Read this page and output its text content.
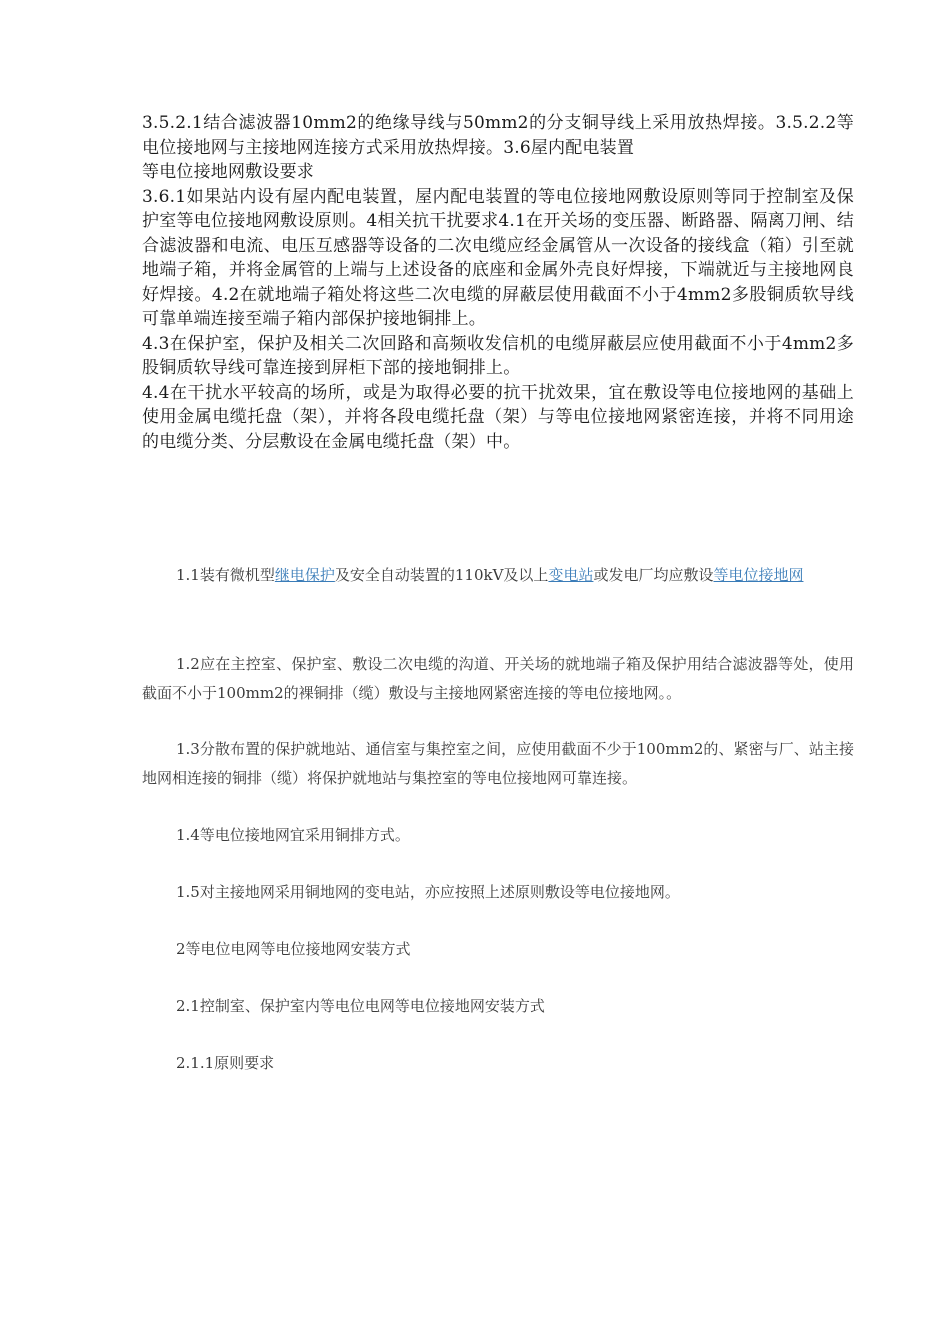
3.5.2.1结合滤波器10mm2的绝缘导线与50mm2的分支铜导线上采用放热焊接。3.5.2.2等电位接地网与主接地网连接方式采用放热焊接。3.6屋内配电装置

等电位接地网敷设要求

3.6.1如果站内设有屋内配电装置，屋内配电装置的等电位接地网敷设原则等同于控制室及保护室等电位接地网敷设原则。4相关抗干扰要求4.1在开关场的变压器、断路器、隔离刀闸、结合滤波器和电流、电压互感器等设备的二次电缆应经金属管从一次设备的接线盒（箱）引至就地端子箱，并将金属管的上端与上述设备的底座和金属外壳良好焊接，下端就近与主接地网良好焊接。4.2在就地端子箱处将这些二次电缆的屏蔽层使用截面不小于4mm2多股铜质软导线可靠单端连接至端子箱内部保护接地铜排上。

4.3在保护室，保护及相关二次回路和高频收发信机的电缆屏蔽层应使用截面不小于4mm2多股铜质软导线可靠连接到屏柜下部的接地铜排上。

4.4在干扰水平较高的场所，或是为取得必要的抗干扰效果，宜在敷设等电位接地网的基础上使用金属电缆托盘（架），并将各段电缆托盘（架）与等电位接地网紧密连接，并将不同用途的电缆分类、分层敷设在金属电缆托盘（架）中。

1.1装有微机型继电保护及安全自动装置的110kV及以上变电站或发电厂均应敷设等电位接地网

1.2应在主控室、保护室、敷设二次电缆的沟道、开关场的就地端子箱及保护用结合滤波器等处，使用截面不小于100mm2的裸铜排（缆）敷设与主接地网紧密连接的等电位接地网。。

1.3分散布置的保护就地站、通信室与集控室之间，应使用截面不少于100mm2的、紧密与厂、站主接地网相连接的铜排（缆）将保护就地站与集控室的等电位接地网可靠连接。

1.4等电位接地网宜采用铜排方式。

1.5对主接地网采用铜地网的变电站，亦应按照上述原则敷设等电位接地网。

2等电位电网等电位接地网安装方式

2.1控制室、保护室内等电位电网等电位接地网安装方式

2.1.1原则要求
